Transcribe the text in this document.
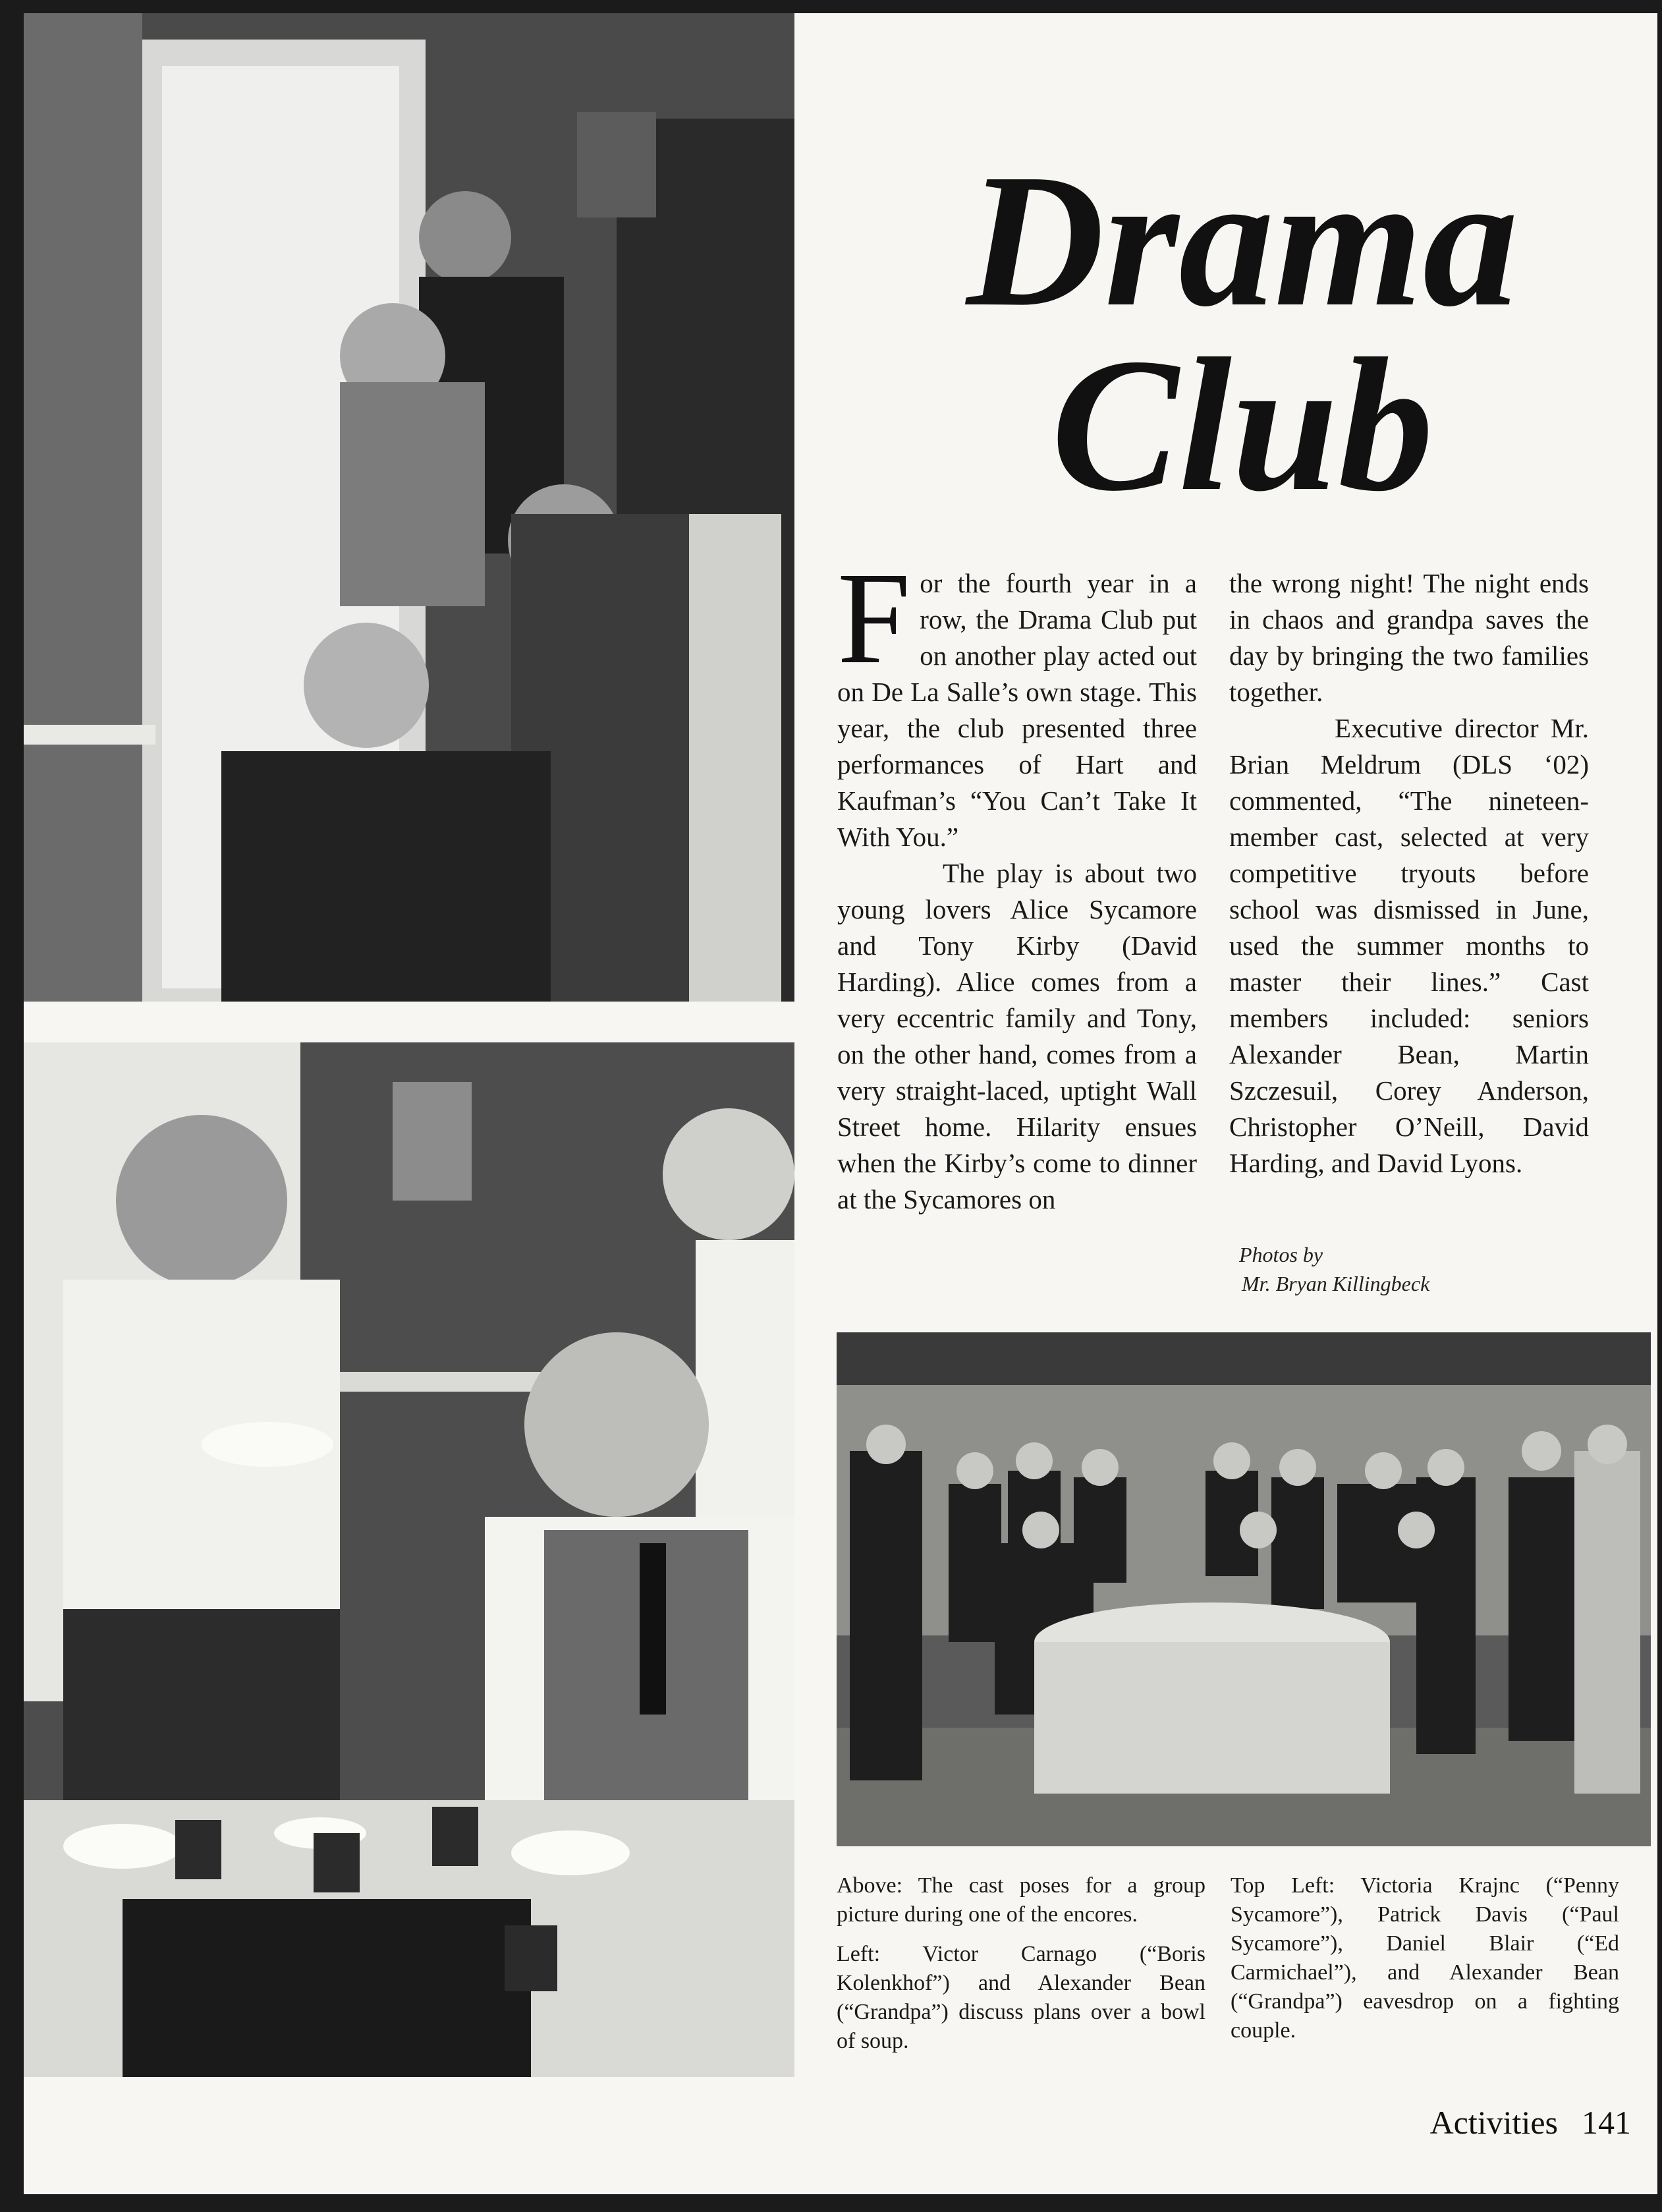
Drama
Club

For the fourth year in a row, the Drama Club put on another play acted out on De La Salle’s own stage. This year, the club presented three performances of Hart and Kaufman’s “You Can’t Take It With You.”

The play is about two young lovers Alice Sycamore and Tony Kirby (David Harding). Alice comes from a very eccentric family and Tony, on the other hand, comes from a very straight-laced, uptight Wall Street home. Hilarity ensues when the Kirby’s come to dinner at the Sycamores on

the wrong night! The night ends in chaos and grandpa saves the day by bringing the two families together.

Executive director Mr. Brian Meldrum (DLS ‘02) commented, “The nineteen-member cast, selected at very competitive tryouts before school was dismissed in June, used the summer months to master their lines.” Cast members included: seniors Alexander Bean, Martin Szczesuil, Corey Anderson, Christopher O’Neill, David Harding, and David Lyons.

Photos by
Mr. Bryan Killingbeck

Above: The cast poses for a group picture during one of the encores.

Left: Victor Carnago (“Boris Kolenkhof”) and Alexander Bean (“Grandpa”) discuss plans over a bowl of soup.

Top Left: Victoria Krajnc (“Penny Sycamore”), Patrick Davis (“Paul Sycamore”), Daniel Blair (“Ed Carmichael”), and Alexander Bean (“Grandpa”) eavesdrop on a fighting couple.

Activities 141
